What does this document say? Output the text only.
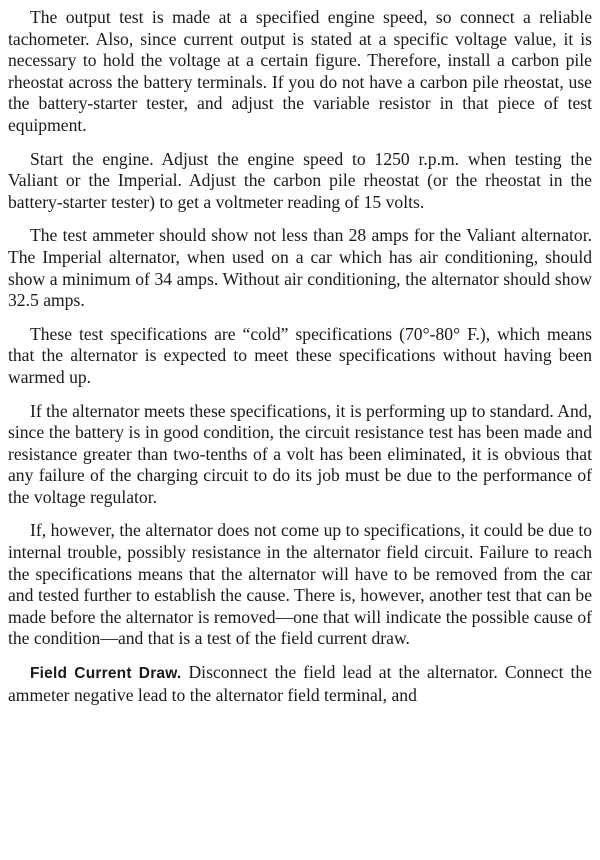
The output test is made at a specified engine speed, so connect a reliable tachometer. Also, since current output is stated at a specific voltage value, it is necessary to hold the voltage at a certain figure. Therefore, install a carbon pile rheostat across the battery terminals. If you do not have a carbon pile rheostat, use the battery-starter tester, and adjust the variable resistor in that piece of test equipment.

Start the engine. Adjust the engine speed to 1250 r.p.m. when testing the Valiant or the Imperial. Adjust the carbon pile rheostat (or the rheostat in the battery-starter tester) to get a voltmeter reading of 15 volts.

The test ammeter should show not less than 28 amps for the Valiant alternator. The Imperial alternator, when used on a car which has air conditioning, should show a minimum of 34 amps. Without air conditioning, the alternator should show 32.5 amps.

These test specifications are “cold” specifications (70°-80° F.), which means that the alternator is expected to meet these specifications without having been warmed up.

If the alternator meets these specifications, it is performing up to standard. And, since the battery is in good condition, the circuit resistance test has been made and resistance greater than two-tenths of a volt has been eliminated, it is obvious that any failure of the charging circuit to do its job must be due to the performance of the voltage regulator.

If, however, the alternator does not come up to specifications, it could be due to internal trouble, possibly resistance in the alternator field circuit. Failure to reach the specifications means that the alternator will have to be removed from the car and tested further to establish the cause. There is, however, another test that can be made before the alternator is removed—one that will indicate the possible cause of the condition—and that is a test of the field current draw.

Field Current Draw. Disconnect the field lead at the alternator. Connect the ammeter negative lead to the alternator field terminal, and
